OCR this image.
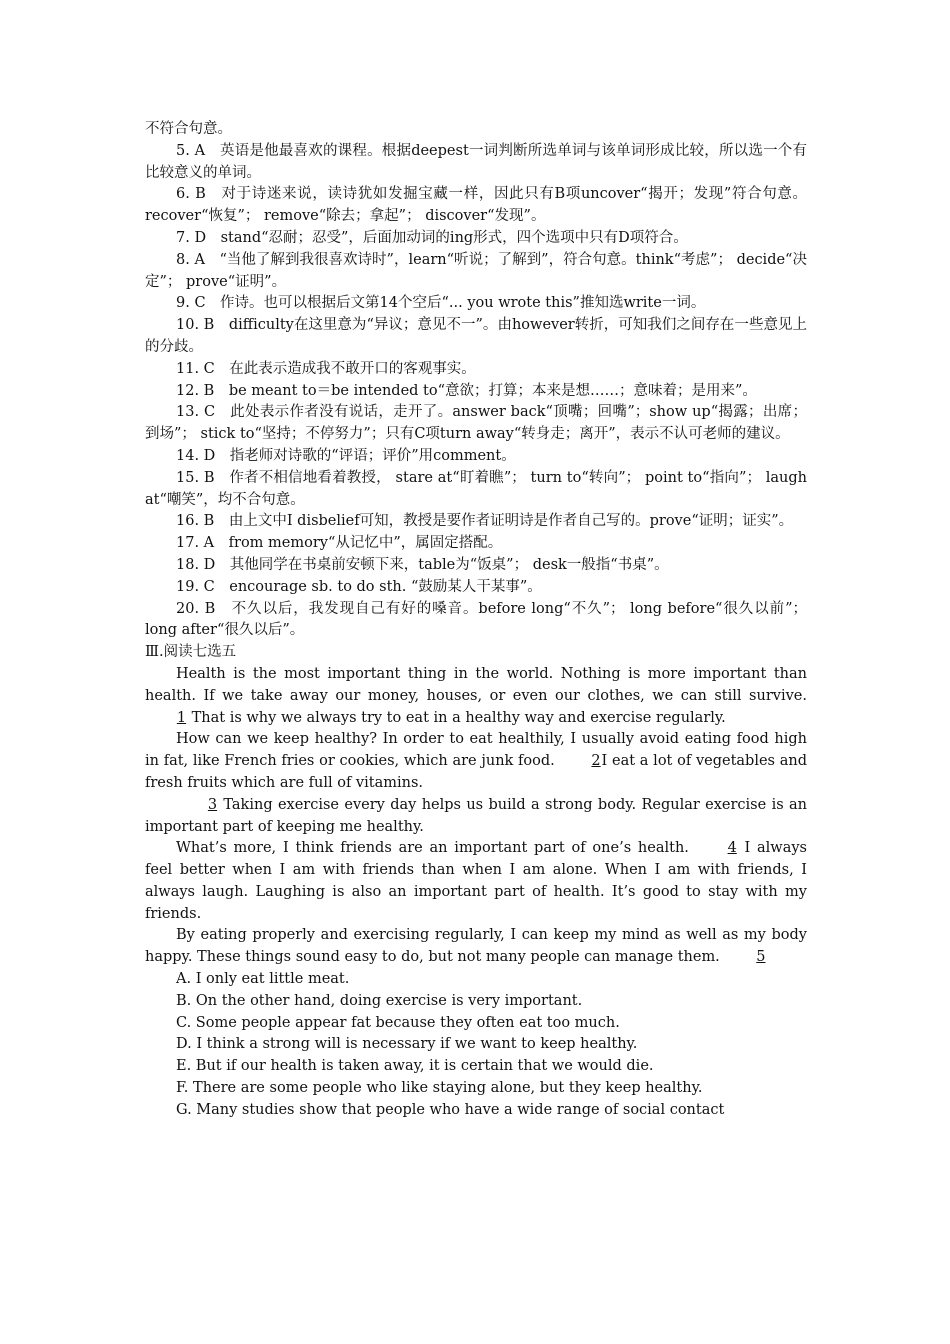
不符合句意。
5. A　英语是他最喜欢的课程。根据deepest一词判断所选单词与该单词形成比较，所以选一个有比较意义的单词。
6. B　对于诗迷来说，读诗犹如发掘宝藏一样，因此只有B项uncover“揭开；发现”符合句意。recover“恢复”； remove“除去；拿起”； discover“发现”。
7. D　stand“忍耐；忍受”，后面加动词的ing形式，四个选项中只有D项符合。
8. A　“当他了解到我很喜欢诗时”，learn“听说；了解到”，符合句意。think“考虑”； decide“决定”； prove“证明”。
9. C　作诗。也可以根据后文第14个空后“... you wrote this”推知选write一词。
10. B　difficulty在这里意为“异议；意见不一”。由however转折，可知我们之间存在一些意见上的分歧。
11. C　在此表示造成我不敢开口的客观事实。
12. B　be meant to＝be intended to“意欲；打算；本来是想……；意味着；是用来”。
13. C　此处表示作者没有说话，走开了。answer back“顶嘴；回嘴”；show up“揭露；出席；到场”； stick to“坚持；不停努力”；只有C项turn away“转身走；离开”，表示不认可老师的建议。
14. D　指老师对诗歌的“评语；评价”用comment。
15. B　作者不相信地看着教授， stare at“盯着瞧”； turn to“转向”； point to“指向”； laugh at“嘲笑”，均不合句意。
16. B　由上文中I disbelief可知，教授是要作者证明诗是作者自己写的。prove“证明；证实”。
17. A　from memory“从记忆中”，属固定搭配。
18. D　其他同学在书桌前安顿下来，table为“饭桌”； desk一般指“书桌”。
19. C　encourage sb. to do sth. “鼓励某人干某事”。
20. B　不久以后，我发现自己有好的嗓音。before long“不久”； long before“很久以前”； long after“很久以后”。
Ⅲ.阅读七选五
Health is the most important thing in the world. Nothing is more important than health. If we take away our money, houses, or even our clothes, we can still survive. 1 That is why we always try to eat in a healthy way and exercise regularly.
How can we keep healthy? In order to eat healthily, I usually avoid eating food high in fat, like French fries or cookies, which are junk food. 2I eat a lot of vegetables and fresh fruits which are full of vitamins.
3 Taking exercise every day helps us build a strong body. Regular exercise is an important part of keeping me healthy.
What’s more, I think friends are an important part of one’s health. 4 I always feel better when I am with friends than when I am alone. When I am with friends, I always laugh. Laughing is also an important part of health. It’s good to stay with my friends.
By eating properly and exercising regularly, I can keep my mind as well as my body happy. These things sound easy to do, but not many people can manage them. 5
A. I only eat little meat.
B. On the other hand, doing exercise is very important.
C. Some people appear fat because they often eat too much.
D. I think a strong will is necessary if we want to keep healthy.
E. But if our health is taken away, it is certain that we would die.
F. There are some people who like staying alone, but they keep healthy.
G. Many studies show that people who have a wide range of social contact
